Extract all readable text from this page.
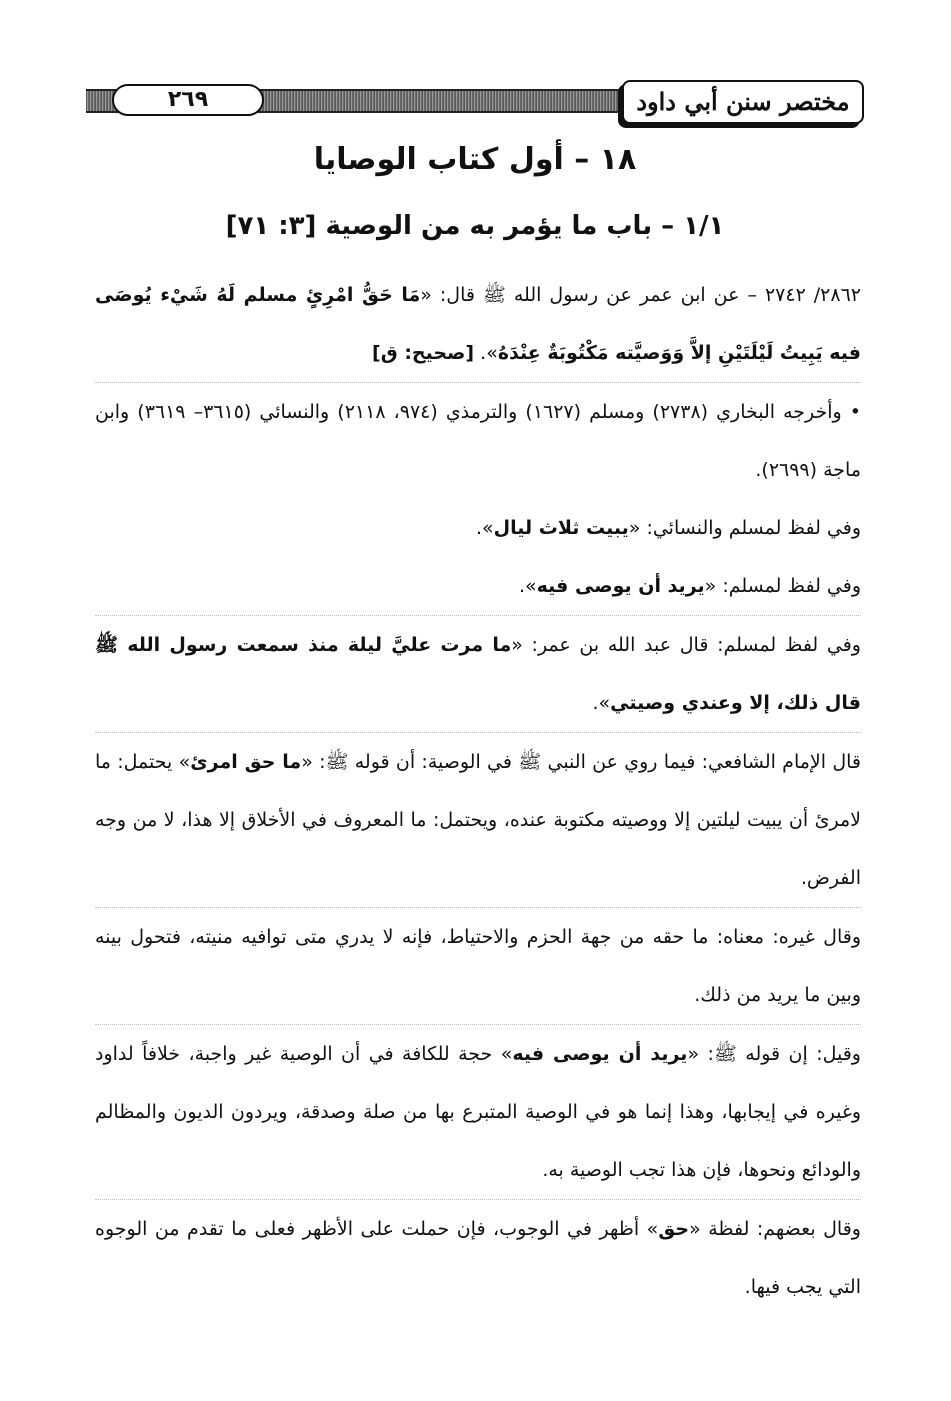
٢٦٩	مختصر سنن أبي داود
١٨ – أول كتاب الوصايا
١/١ – باب ما يؤمر به من الوصية [٣: ٧١]

٢٨٦٢/ ٢٧٤٢ – عن ابن عمر عن رسول الله ﷺ قال: «مَا حَقُّ امْرِئٍ مسلم لَهُ شَيْء يُوصَى فيه يَبِيتُ لَيْلَتَيْنِ إلاَّ وَوَصيَّته مَكْتُوبَةٌ عِنْدَهُ». [صحيح: ق]

• وأخرجه البخاري (٢٧٣٨) ومسلم (١٦٢٧) والترمذي (٩٧٤، ٢١١٨) والنسائي (٣٦١٥– ٣٦١٩) وابن ماجة (٢٦٩٩).

وفي لفظ لمسلم والنسائي: «يبيت ثلاث ليال».

وفي لفظ لمسلم: «يريد أن يوصى فيه».

وفي لفظ لمسلم: قال عبد الله بن عمر: «ما مرت عليَّ ليلة منذ سمعت رسول الله ﷺ قال ذلك، إلا وعندي وصيتي».

قال الإمام الشافعي: فيما روي عن النبي ﷺ في الوصية: أن قوله ﷺ: «ما حق امرئ» يحتمل: ما لامرئ أن يبيت ليلتين إلا ووصيته مكتوبة عنده، ويحتمل: ما المعروف في الأخلاق إلا هذا، لا من وجه الفرض.

وقال غيره: معناه: ما حقه من جهة الحزم والاحتياط، فإنه لا يدري متى توافيه منيته، فتحول بينه وبين ما يريد من ذلك.

وقيل: إن قوله ﷺ: «يريد أن يوصى فيه» حجة للكافة في أن الوصية غير واجبة، خلافاً لداود وغيره في إيجابها، وهذا إنما هو في الوصية المتبرع بها من صلة وصدقة، ويردون الديون والمظالم والودائع ونحوها، فإن هذا تجب الوصية به.

وقال بعضهم: لفظة «حق» أظهر في الوجوب، فإن حملت على الأظهر فعلى ما تقدم من الوجوه التي يجب فيها.
